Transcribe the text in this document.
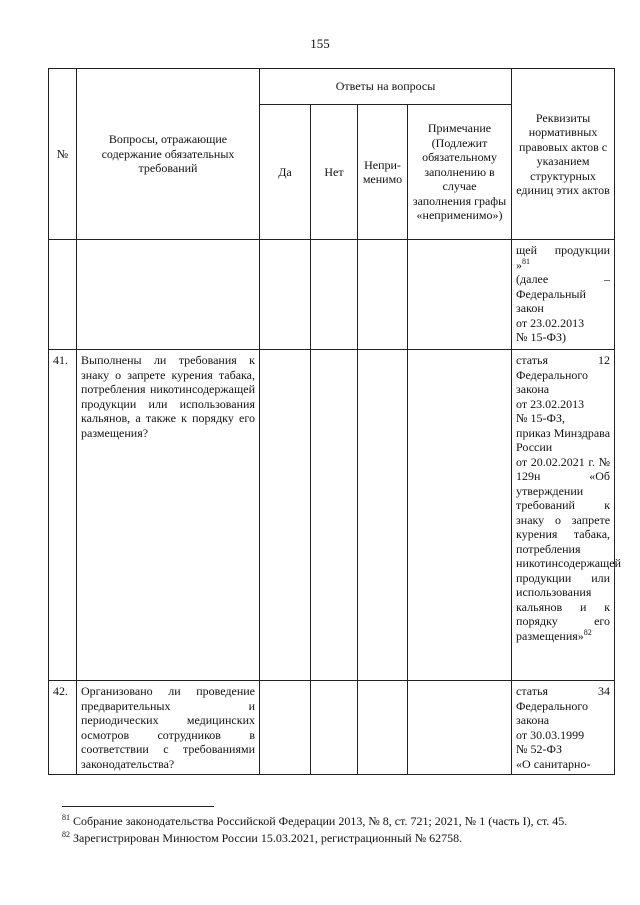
155
№	Вопросы, отражающие содержание обязательных требований	Ответы на вопросы				Реквизиты нормативных правовых актов с указанием структурных единиц этих актов
		Да	Нет	Непри-
менимо	Примечание (Подлежит обязательному заполнению в случае заполнения графы «неприменимо»)	
						щей продукции »$^{81}$
(далее – Федеральный закон
от 23.02.2013
№ 15-ФЗ)
41.	Выполнены ли требования к знаку о запрете курения табака, потребления никотинсодержащей продукции или использования кальянов, а также к порядку его размещения?					статья 12 Федерального закона
от 23.02.2013
№ 15-ФЗ,
приказ Минздрава России
от 20.02.2021 г. № 129н «Об утверждении требований к знаку о запрете курения табака, потребления никотинсодержащей продукции или использования кальянов и к порядку его размещения»$^{82}$
42.	Организовано ли проведение предварительных и периодических медицинских осмотров сотрудников в соответствии с требованиями законодательства?					статья 34 Федерального закона
от 30.03.1999
№ 52-ФЗ
«О санитарно-

$^{81}$ Собрание законодательства Российской Федерации 2013, № 8, ст. 721; 2021, № 1 (часть I), ст. 45.

$^{82}$ Зарегистрирован Минюстом России 15.03.2021, регистрационный № 62758.
